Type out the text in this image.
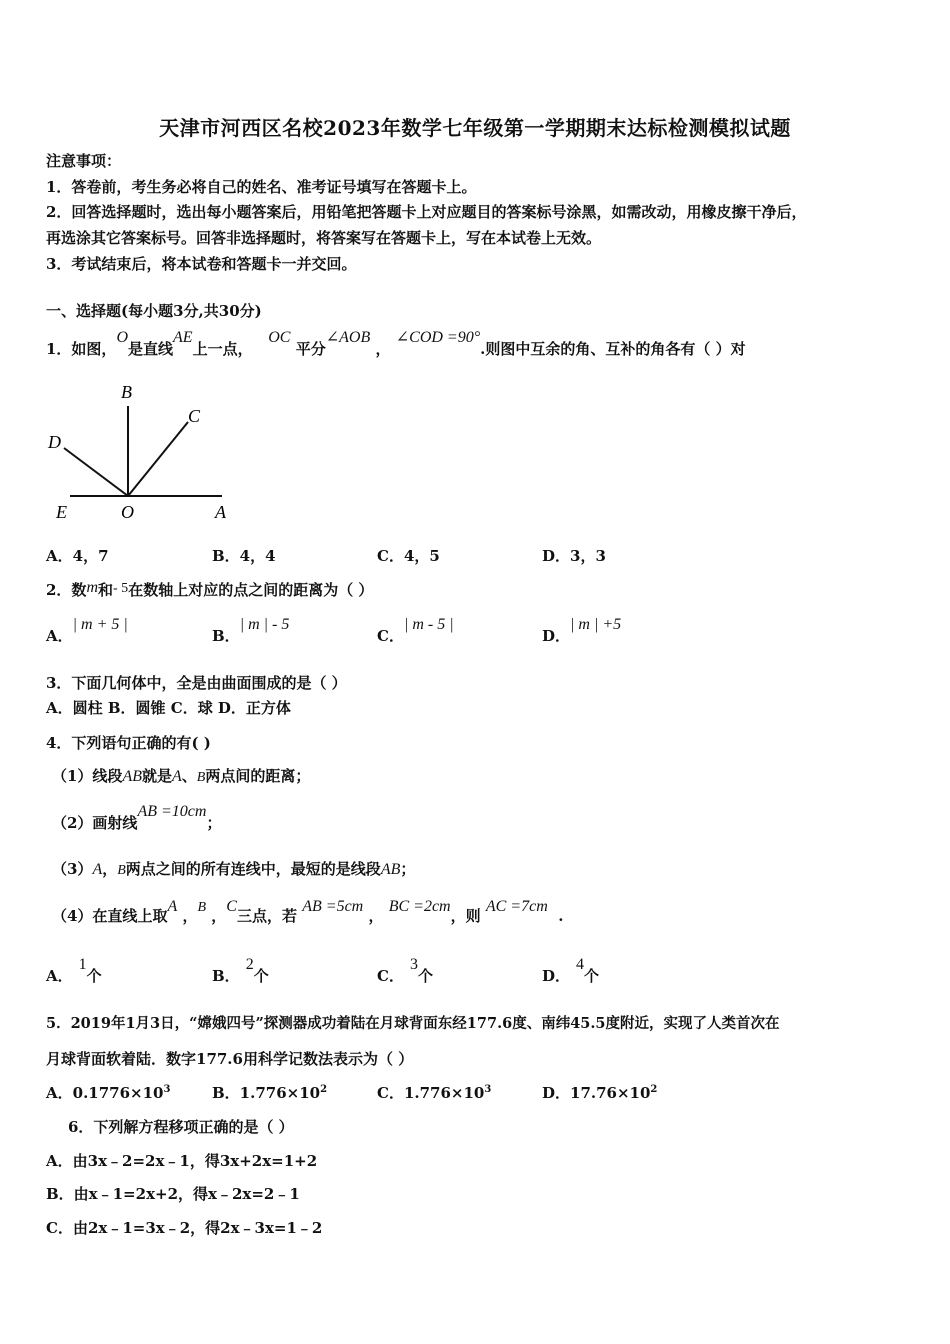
天津市河西区名校2023年数学七年级第一学期期末达标检测模拟试题
注意事项：
1．答卷前，考生务必将自己的姓名、准考证号填写在答题卡上。
2．回答选择题时，选出每小题答案后，用铅笔把答题卡上对应题目的答案标号涂黑，如需改动，用橡皮擦干净后，
再选涂其它答案标号。回答非选择题时，将答案写在答题卡上，写在本试卷上无效。
3．考试结束后，将本试卷和答题卡一并交回。
一、选择题(每小题3分,共30分)
1．如图，O是直线AE上一点，   OC 平分∠AOB ， ∠COD =90°.则图中互余的角、互补的角各有（ ）对
B
C
D
E	O	A
A．4，7	B．4，4	C．4，5	D．3，3
2．数m和- 5在数轴上对应的点之间的距离为（ ）
A．| m + 5 |
B．| m | - 5
C．| m - 5 |
D．| m | +5
3．下面几何体中，全是由曲面围成的是（ ）
A．圆柱 B．圆锥 C．球 D．正方体
4．下列语句正确的有( )
（1）线段AB就是A、B两点间的距离；
（2）画射线AB =10cm；
（3）A，B两点之间的所有连线中，最短的是线段AB；
（4）在直线上取A ，B ，C三点，若 AB =5cm ， BC =2cm，则 AC =7cm  .
A．1个	B．2个	C．3个	D．4个
5．2019年1月3日，“嫦娥四号”探测器成功着陆在月球背面东经177.6度、南纬45.5度附近，实现了人类首次在
月球背面软着陆．数字177.6用科学记数法表示为（ ）
A．$0.1776\times 10^3$	B．$1.776\times 10^2$	C．$1.776\times 10^3$	D．$17.76\times 10^2$
6．下列解方程移项正确的是（ ）
A．由3x﹣2=2x﹣1，得3x+2x=1+2
B．由x﹣1=2x+2，得x﹣2x=2﹣1
C．由2x﹣1=3x﹣2，得2x﹣3x=1﹣2
